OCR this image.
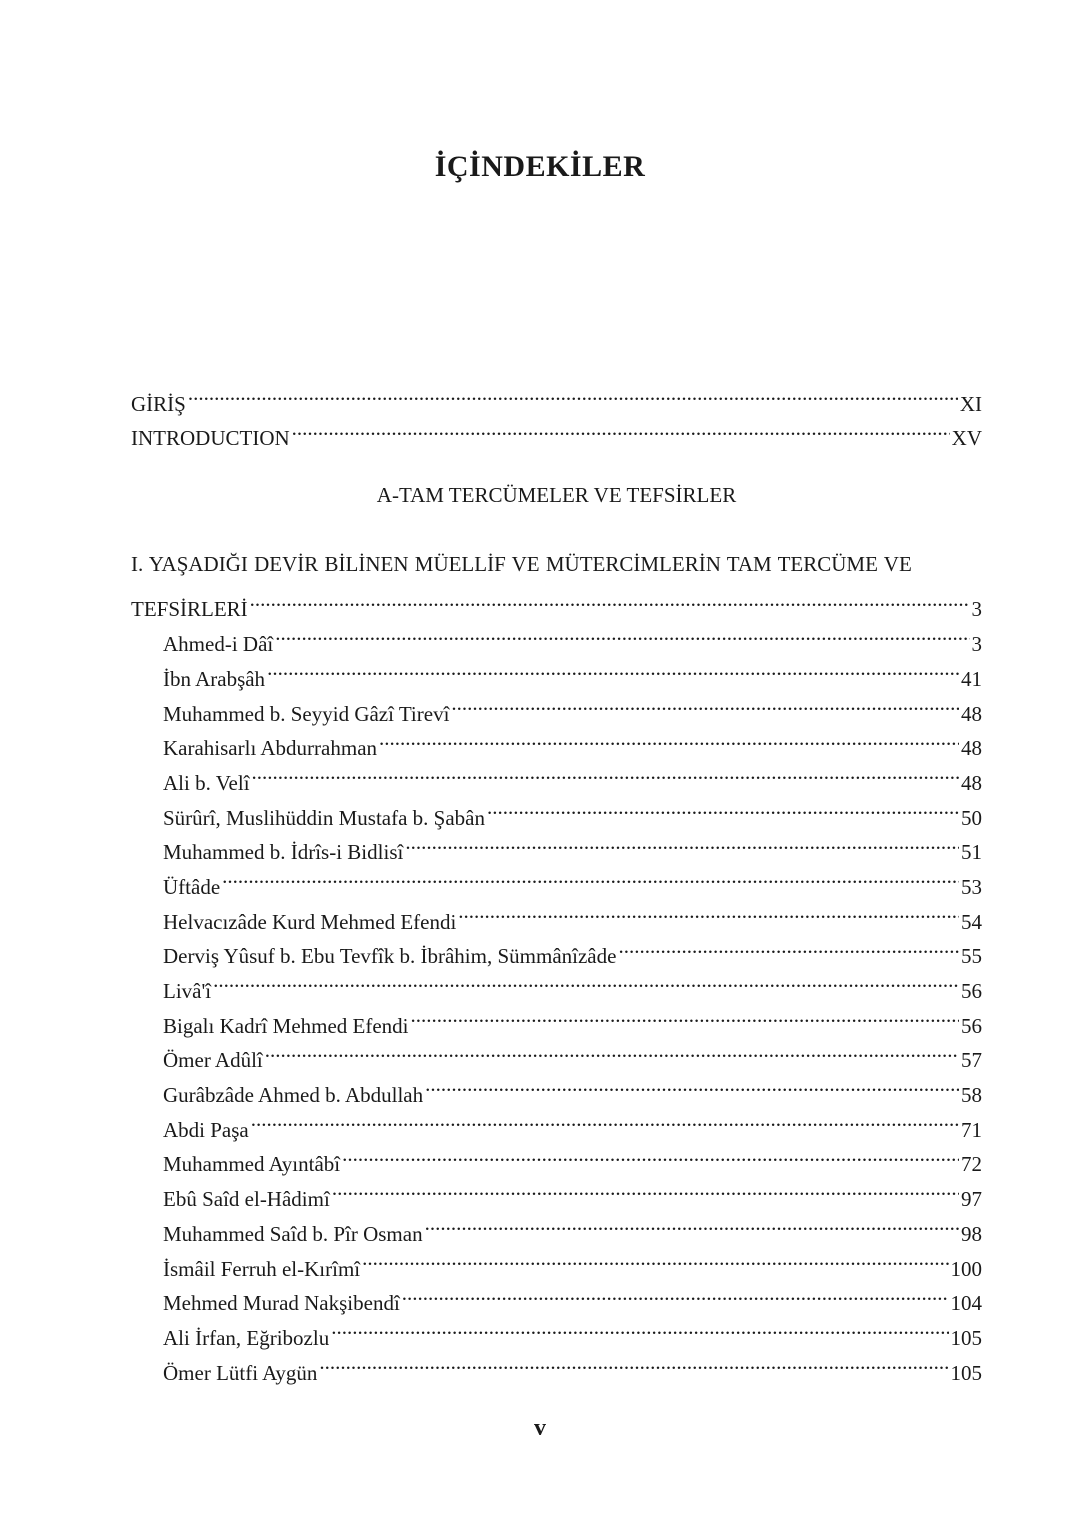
İÇİNDEKİLER
GİRİŞ .....	XI
INTRODUCTION .....	XV
A-TAM TERCÜMELER VE TEFSİRLER
I. YAŞADIĞI DEVİR BİLİNEN MÜELLİF VE MÜTERCİMLERİN TAM TERCÜME VE
TEFSİRLERİ .....	3
Ahmed-i Dâî .....	3
İbn Arabşâh .....	41
Muhammed b. Seyyid Gâzî Tirevî .....	48
Karahisarlı Abdurrahman .....	48
Ali b. Velî .....	48
Sürûrî, Muslihüddin Mustafa b. Şabân .....	50
Muhammed b. İdrîs-i Bidlisî .....	51
Üftâde .....	53
Helvacızâde Kurd Mehmed Efendi .....	54
Derviş Yûsuf b. Ebu Tevfîk b. İbrâhim, Sümmânîzâde .....	55
Livâ'î .....	56
Bigalı Kadrî Mehmed Efendi .....	56
Ömer Adûlî .....	57
Gurâbzâde Ahmed b. Abdullah .....	58
Abdi Paşa .....	71
Muhammed Ayıntâbî .....	72
Ebû Saîd el-Hâdimî .....	97
Muhammed Saîd b. Pîr Osman .....	98
İsmâil Ferruh el-Kırîmî .....	100
Mehmed Murad Nakşibendî .....	104
Ali İrfan, Eğribozlu .....	105
Ömer Lütfi Aygün .....	105
v
